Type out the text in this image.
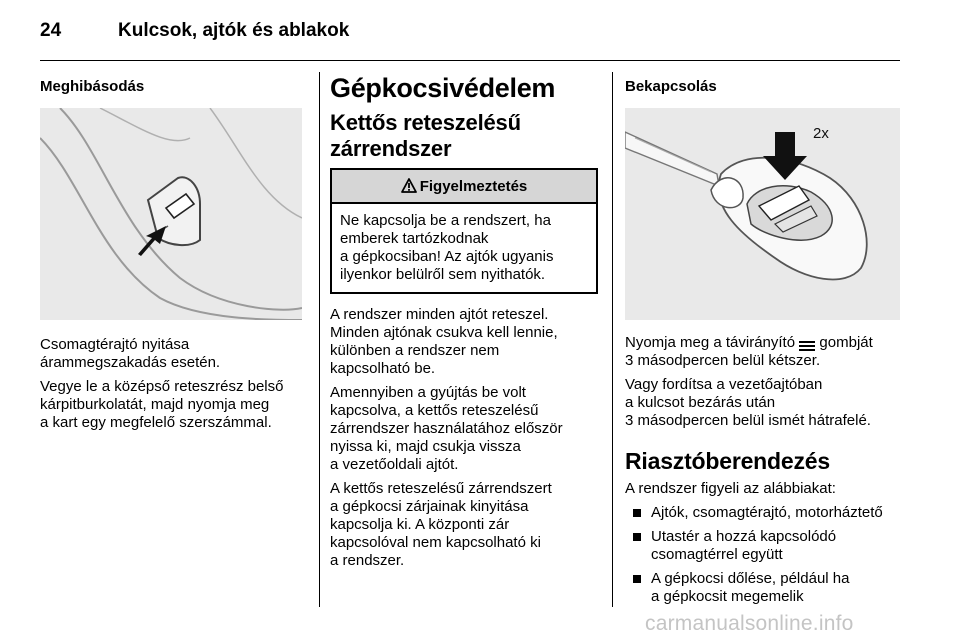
24	Kulcsok, ajtók és ablakok
Meghibásodás

Csomagtérajtó nyitása
árammegszakadás esetén.

Vegye le a középső reteszrész belső
kárpitburkolatát, majd nyomja meg
a kart egy megfelelő szerszámmal.

Gépkocsivédelem
Kettős reteszelésű
zárrendszer
Figyelmeztetés

Ne kapcsolja be a rendszert, ha
emberek tartózkodnak
a gépkocsiban! Az ajtók ugyanis
ilyenkor belülről sem nyithatók.

A rendszer minden ajtót reteszel.
Minden ajtónak csukva kell lennie,
különben a rendszer nem
kapcsolható be.

Amennyiben a gyújtás be volt
kapcsolva, a kettős reteszelésű
zárrendszer használatához először
nyissa ki, majd csukja vissza
a vezetőoldali ajtót.

A kettős reteszelésű zárrendszert
a gépkocsi zárjainak kinyitása
kapcsolja ki. A központi zár
kapcsolóval nem kapcsolható ki
a rendszer.

Bekapcsolás
2x

Nyomja meg a távirányító gombját
3 másodpercen belül kétszer.

Vagy fordítsa a vezetőajtóban
a kulcsot bezárás után
3 másodpercen belül ismét hátrafelé.

Riasztóberendezés

A rendszer figyeli az alábbiakat:

Ajtók, csomagtérajtó, motorháztető
Utastér a hozzá kapcsolódó
csomagtérrel együtt
A gépkocsi dőlése, például ha
a gépkocsit megemelik
carmanualsonline.info
